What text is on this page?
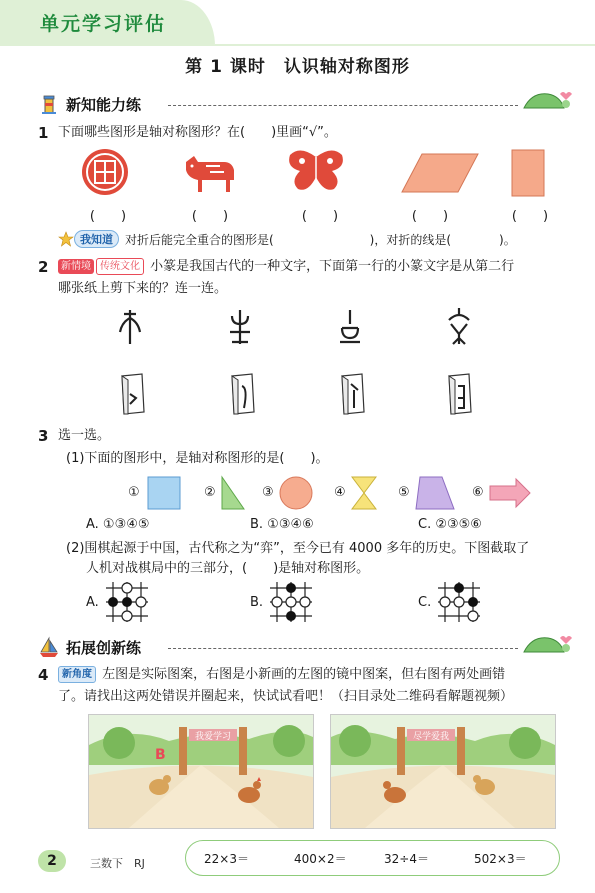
单元学习评估
第 1 课时　认识轴对称图形
新知能力练
1 下面哪些图形是轴对称图形？在(　　)里画“√”。
(　　)	(　　)	(　　)	(　　)	(　　)
我知道	对折后能完全重合的图形是(　　　　　　　　)，对折的线是(　　　　)。
2	新情境 传统文化 小篆是我国古代的一种文字，下面第一行的小篆文字是从第二行
哪张纸上剪下来的？连一连。
3 选一选。
(1)下面的图形中，是轴对称图形的是(　　)。
①	②	③	④	⑤	⑥
A. ①③④⑤	B. ①③④⑥	C. ②③⑤⑥
(2)围棋起源于中国，古代称之为“弈”，至今已有 4000 多年的历史。下图截取了
人机对战棋局中的三部分，(　　)是轴对称图形。
A.	B.	C.
拓展创新练
4	新角度 左图是实际图案，右图是小新画的左图的镜中图案，但右图有两处画错
了。请找出这两处错误并圈起来，快试试看吧！（扫目录处二维码看解题视频）
我爱学习
B
尽学爱我
2	三数下　RJ	22×3＝	400×2＝	32÷4＝	502×3＝
